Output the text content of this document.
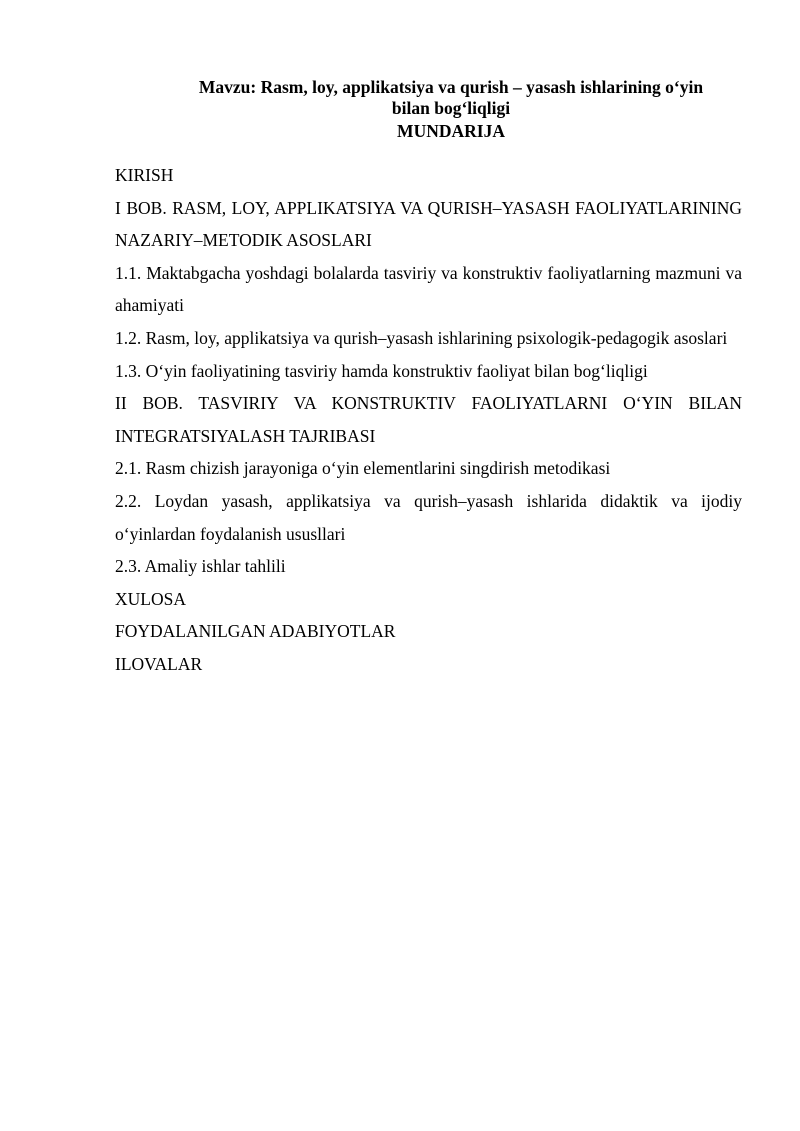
Mavzu: Rasm, loy, applikatsiya va qurish – yasash ishlarining o‘yin
bilan bog‘liqligi
MUNDARIJA
KIRISH
I BOB. RASM, LOY, APPLIKATSIYA VA QURISH–YASASH FAOLIYATLARINING NAZARIY–METODIK ASOSLARI
1.1. Maktabgacha yoshdagi bolalarda tasviriy va konstruktiv faoliyatlarning mazmuni va ahamiyati
1.2. Rasm, loy, applikatsiya va qurish–yasash ishlarining psixologik-pedagogik asoslari
1.3. O‘yin faoliyatining tasviriy hamda konstruktiv faoliyat bilan bog‘liqligi
II BOB. TASVIRIY VA KONSTRUKTIV FAOLIYATLARNI O‘YIN BILAN INTEGRATSIYALASH TAJRIBASI
2.1. Rasm chizish jarayoniga o‘yin elementlarini singdirish metodikasi
2.2. Loydan yasash, applikatsiya va qurish–yasash ishlarida didaktik va ijodiy o‘yinlardan foydalanish ususllari
2.3. Amaliy ishlar tahlili
XULOSA
FOYDALANILGAN ADABIYOTLAR
ILOVALAR
